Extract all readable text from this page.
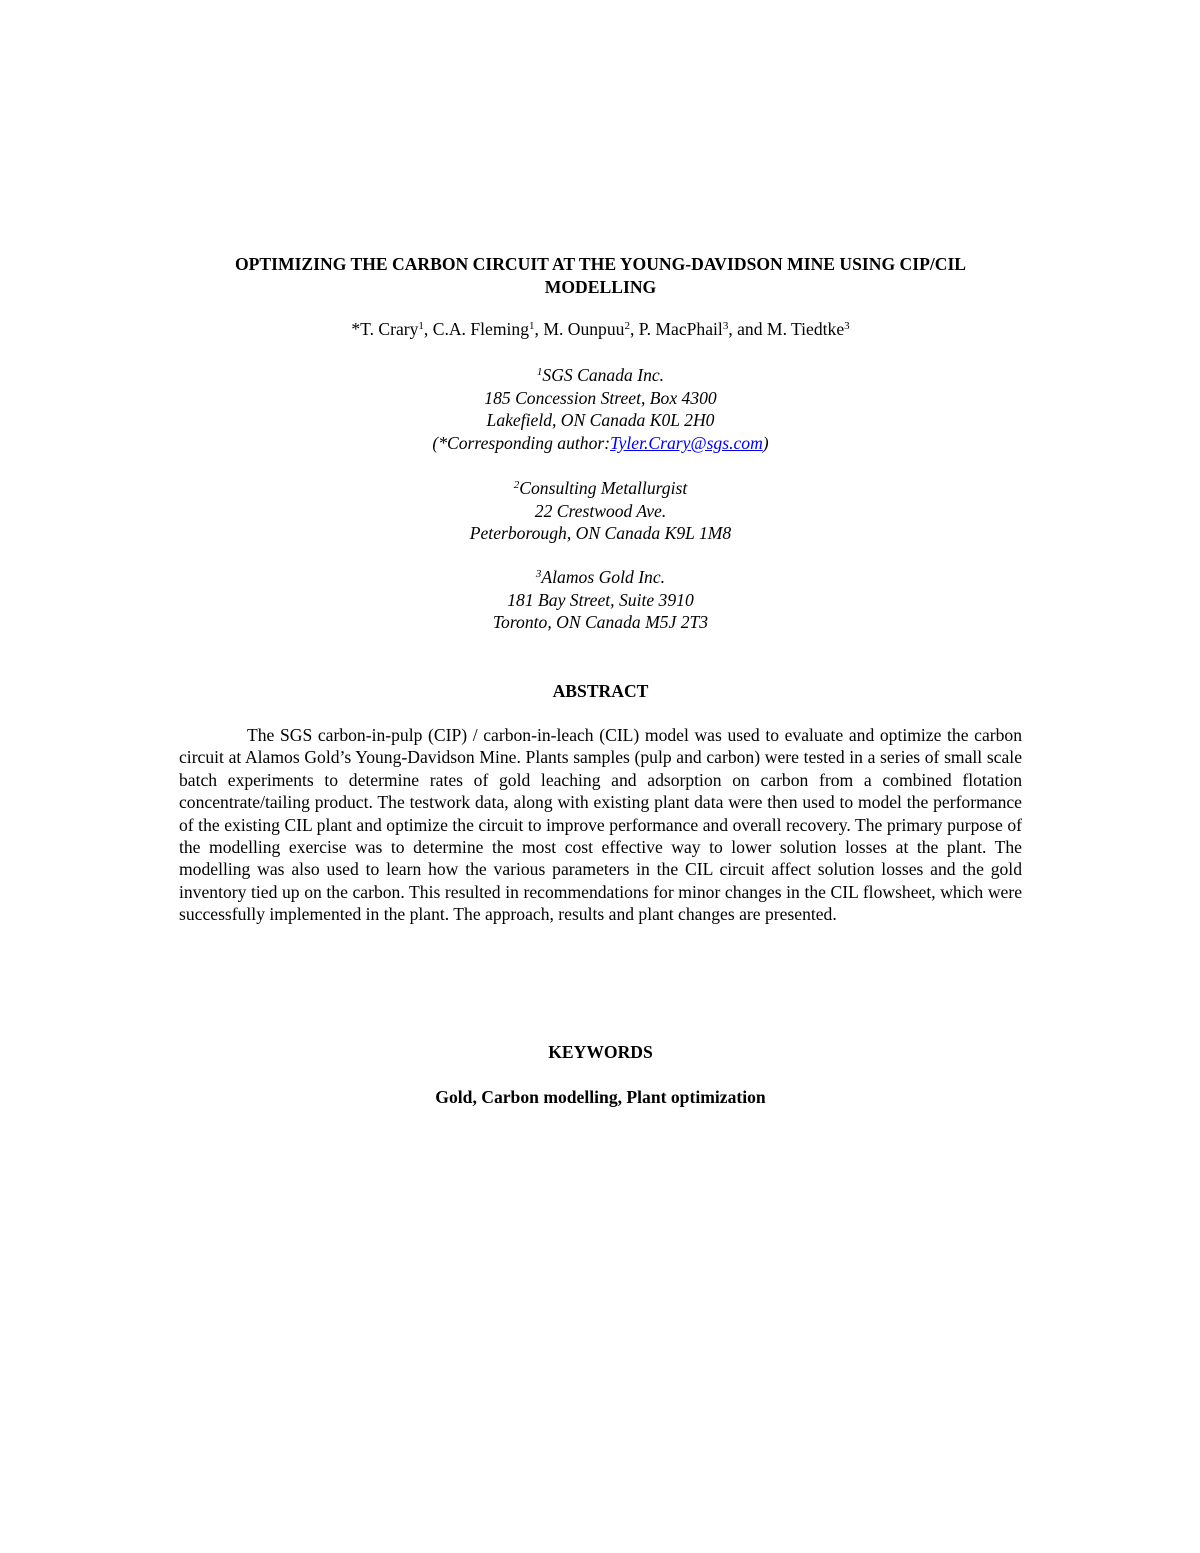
OPTIMIZING THE CARBON CIRCUIT AT THE YOUNG-DAVIDSON MINE USING CIP/CIL MODELLING
*T. Crary$^1$, C.A. Fleming$^1$, M. Ounpuu$^2$, P. MacPhail$^3$, and M. Tiedtke$^3$
$^1$SGS Canada Inc.
185 Concession Street, Box 4300
Lakefield, ON Canada K0L 2H0
(*Corresponding author:Tyler.Crary@sgs.com)
$^2$Consulting Metallurgist
22 Crestwood Ave.
Peterborough, ON Canada K9L 1M8
$^3$Alamos Gold Inc.
181 Bay Street, Suite 3910
Toronto, ON Canada M5J 2T3
ABSTRACT

The SGS carbon-in-pulp (CIP) / carbon-in-leach (CIL) model was used to evaluate and optimize the carbon circuit at Alamos Gold’s Young-Davidson Mine. Plants samples (pulp and carbon) were tested in a series of small scale batch experiments to determine rates of gold leaching and adsorption on carbon from a combined flotation concentrate/tailing product. The testwork data, along with existing plant data were then used to model the performance of the existing CIL plant and optimize the circuit to improve performance and overall recovery. The primary purpose of the modelling exercise was to determine the most cost effective way to lower solution losses at the plant. The modelling was also used to learn how the various parameters in the CIL circuit affect solution losses and the gold inventory tied up on the carbon. This resulted in recommendations for minor changes in the CIL flowsheet, which were successfully implemented in the plant. The approach, results and plant changes are presented.

KEYWORDS
Gold, Carbon modelling, Plant optimization
